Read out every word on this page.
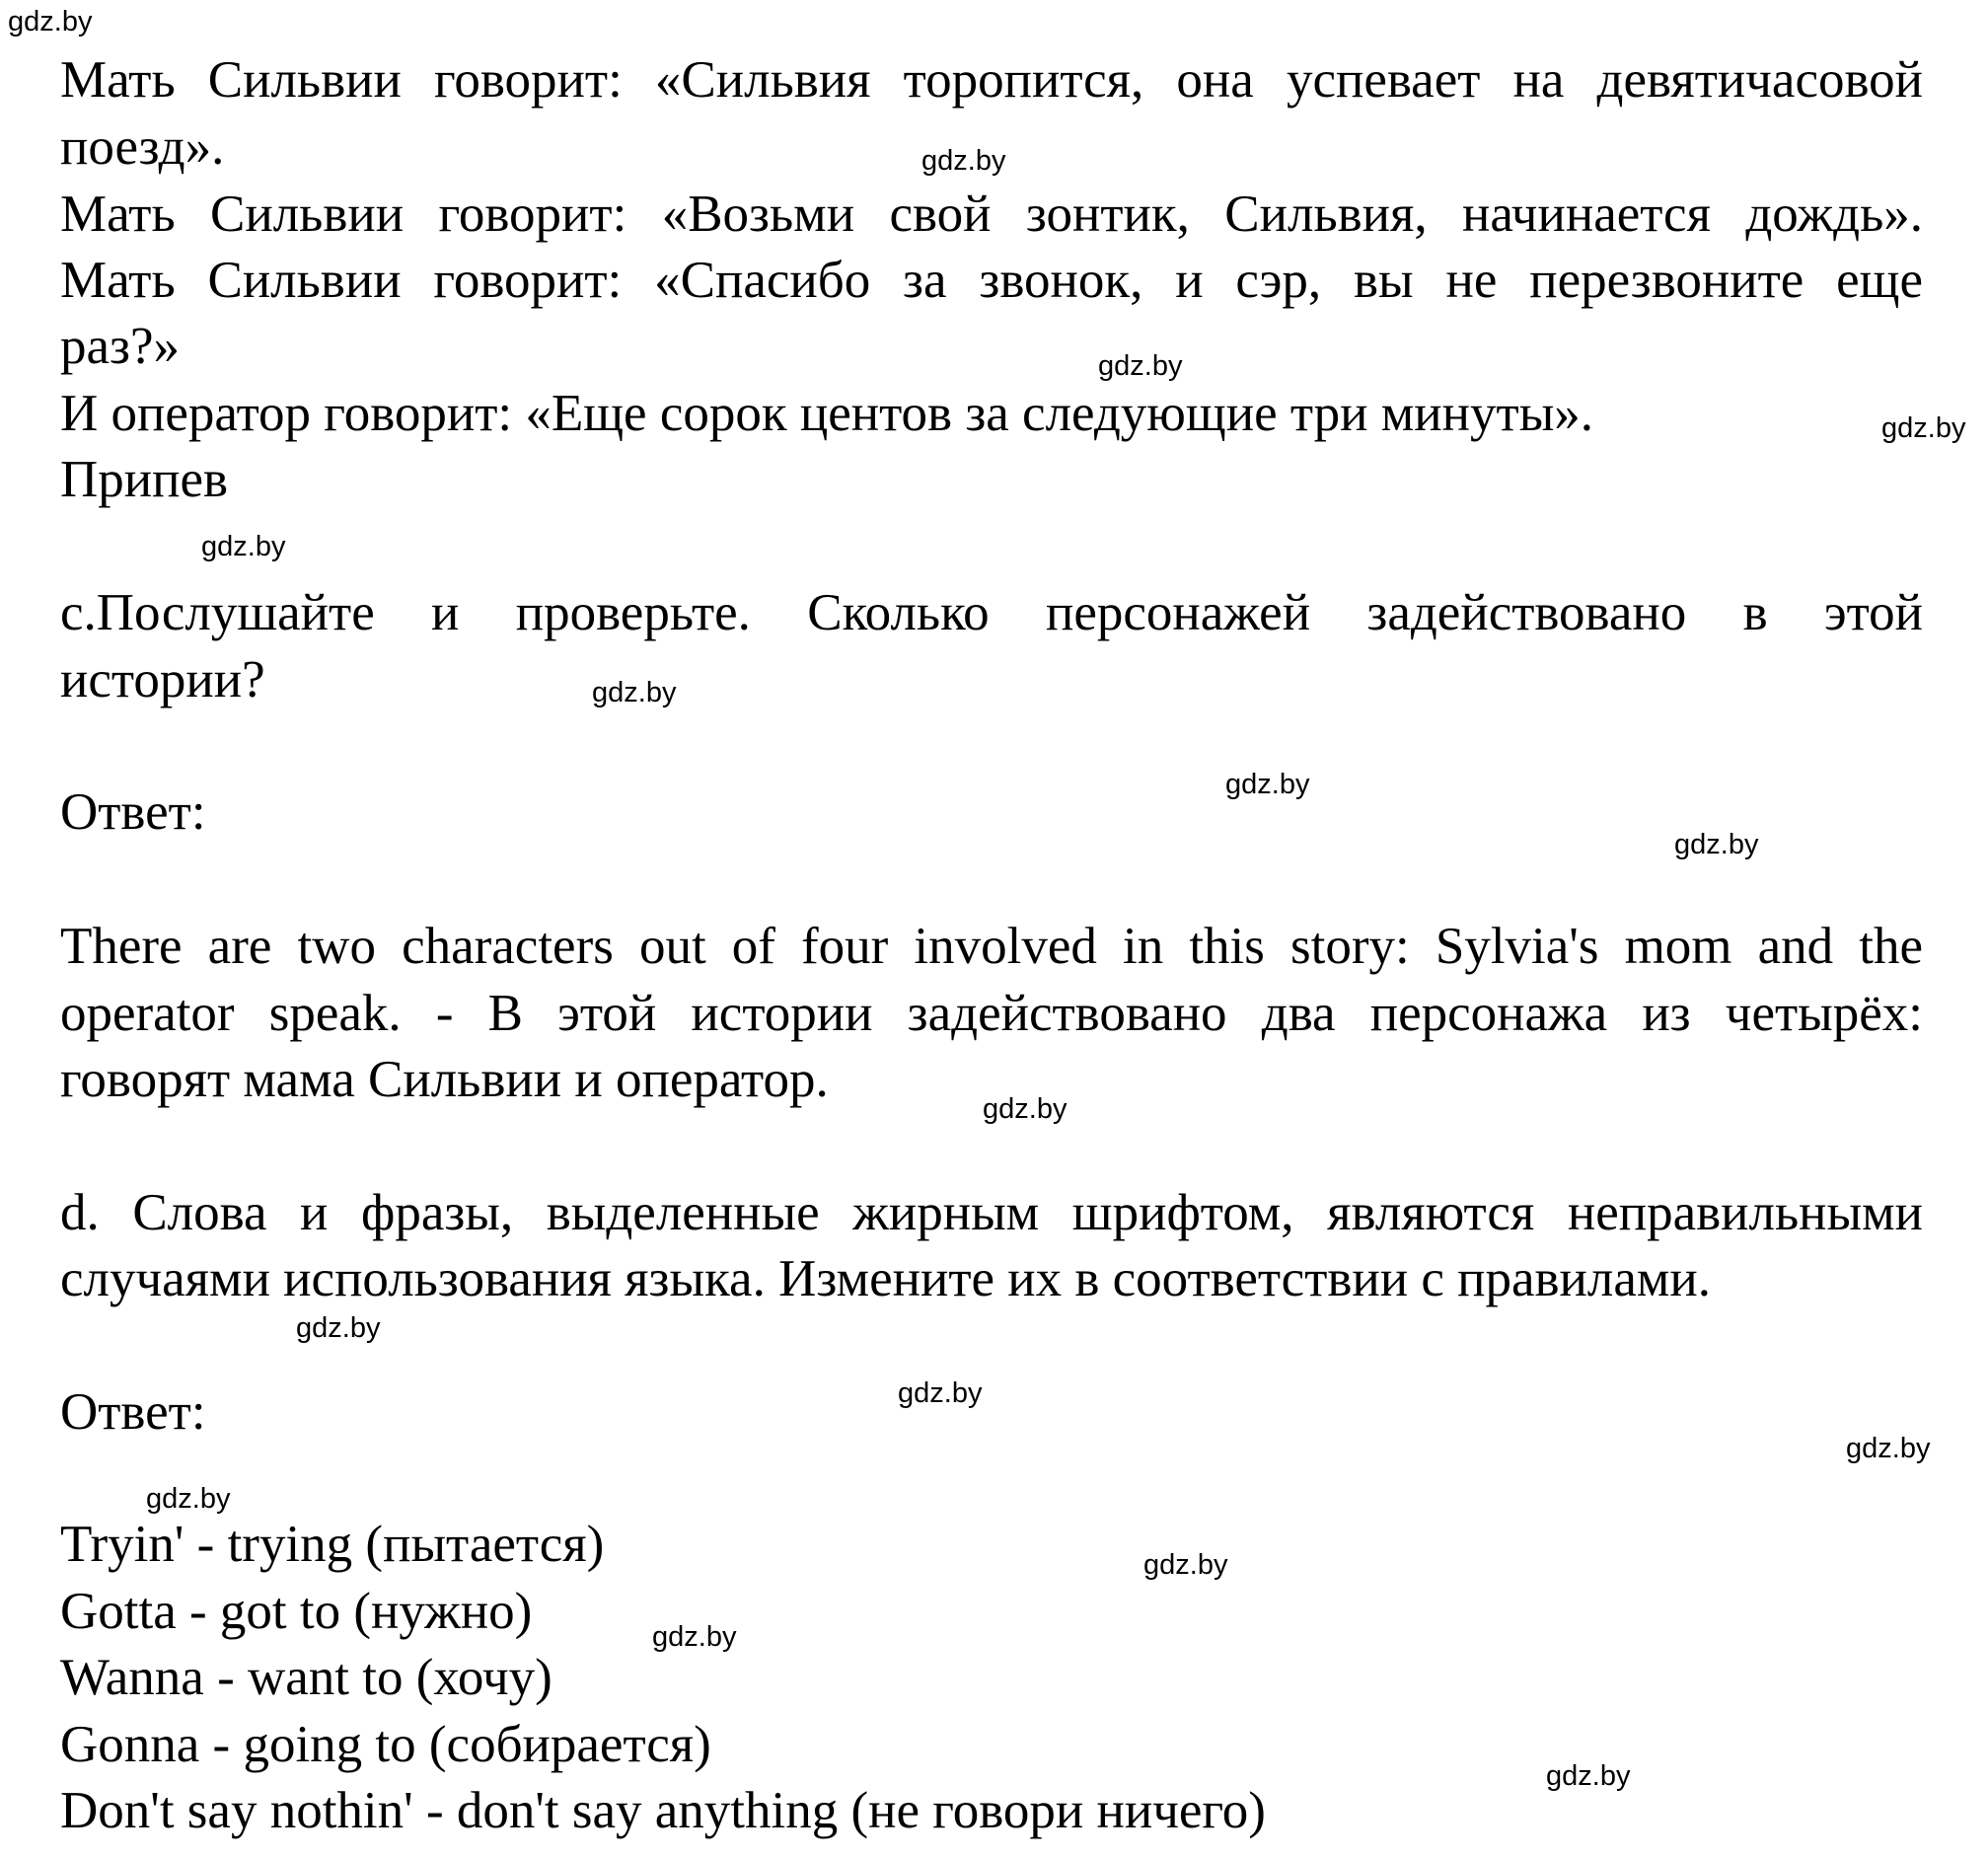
gdz.by
gdz.by
gdz.by
gdz.by
gdz.by
gdz.by
gdz.by
gdz.by
gdz.by
gdz.by
gdz.by
gdz.by
gdz.by
gdz.by
gdz.by
gdz.by
Мать Сильвии говорит: «Сильвия торопится, она успевает на девятичасовой
поезд».
Мать Сильвии говорит: «Возьми свой зонтик, Сильвия, начинается дождь».
Мать Сильвии говорит: «Спасибо за звонок, и сэр, вы не перезвоните еще
раз?»
И оператор говорит: «Еще сорок центов за следующие три минуты».
Припев
c.Послушайте и проверьте. Сколько персонажей задействовано в этой
истории?
Ответ:
There are two characters out of four involved in this story: Sylvia's mom and the
operator speak. - В этой истории задействовано два персонажа из четырёх:
говорят мама Сильвии и оператор.
d. Слова и фразы, выделенные жирным шрифтом, являются неправильными
случаями использования языка. Измените их в соответствии с правилами.
Ответ:
Tryin' - trying (пытается)
Gotta - got to (нужно)
Wanna - want to (хочу)
Gonna - going to (собирается)
Don't say nothin' - don't say anything (не говори ничего)
